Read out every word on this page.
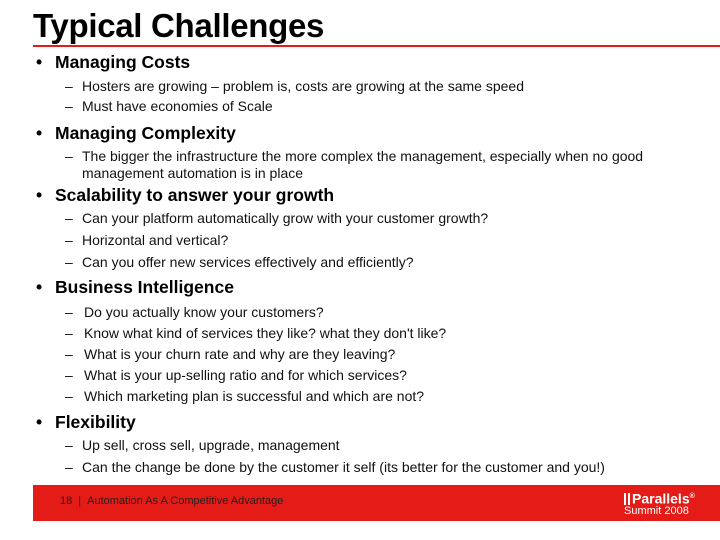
Typical Challenges
• Managing Costs
– Hosters are growing – problem is, costs are growing at the same speed
– Must have economies of Scale
• Managing Complexity
– The bigger the infrastructure the more complex the management, especially when no good management automation is in place
• Scalability to answer your growth
– Can your platform automatically grow with your customer growth?
– Horizontal and vertical?
– Can you offer new services effectively and efficiently?
• Business Intelligence
– Do you actually know your customers?
– Know what kind of services they like? what they don't like?
– What is your churn rate and why are they leaving?
– What is your up-selling ratio and for which services?
– Which marketing plan is successful and which are not?
• Flexibility
– Up sell, cross sell, upgrade, management
– Can the change be done by the customer it self (its better for the customer and you!)
18 | Automation As A Competitive Advantage	Parallels®
Summit 2008
